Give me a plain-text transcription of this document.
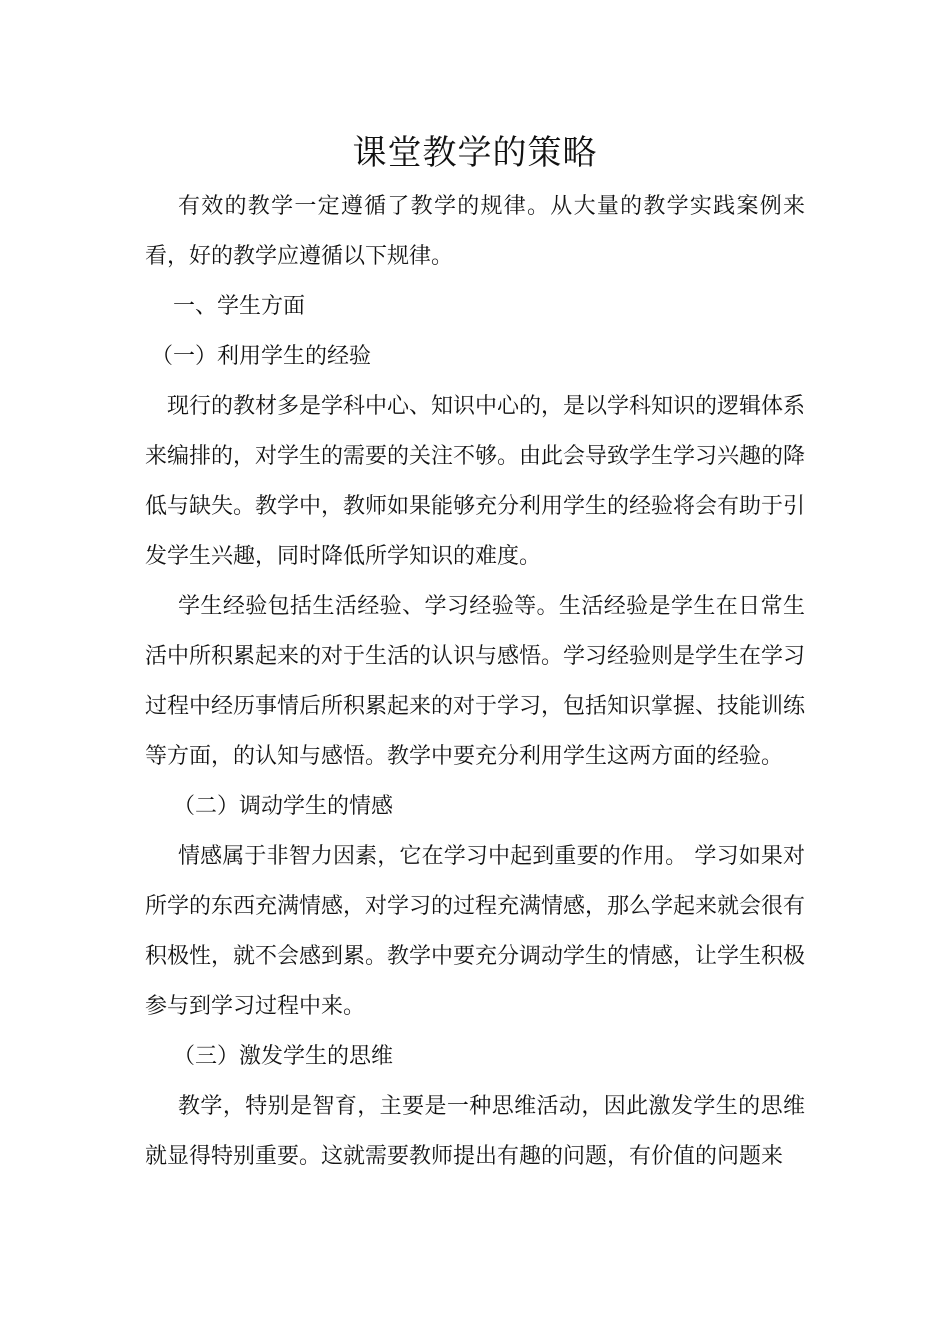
课堂教学的策略

有效的教学一定遵循了教学的规律。从大量的教学实践案例来看，好的教学应遵循以下规律。

一、学生方面

（一）利用学生的经验

现行的教材多是学科中心、知识中心的，是以学科知识的逻辑体系来编排的，对学生的需要的关注不够。由此会导致学生学习兴趣的降低与缺失。教学中，教师如果能够充分利用学生的经验将会有助于引发学生兴趣，同时降低所学知识的难度。

学生经验包括生活经验、学习经验等。生活经验是学生在日常生活中所积累起来的对于生活的认识与感悟。学习经验则是学生在学习过程中经历事情后所积累起来的对于学习，包括知识掌握、技能训练等方面，的认知与感悟。教学中要充分利用学生这两方面的经验。

（二）调动学生的情感

情感属于非智力因素，它在学习中起到重要的作用。 学习如果对所学的东西充满情感，对学习的过程充满情感，那么学起来就会很有积极性，就不会感到累。教学中要充分调动学生的情感，让学生积极参与到学习过程中来。

（三）激发学生的思维

教学，特别是智育，主要是一种思维活动，因此激发学生的思维就显得特别重要。这就需要教师提出有趣的问题，有价值的问题来
